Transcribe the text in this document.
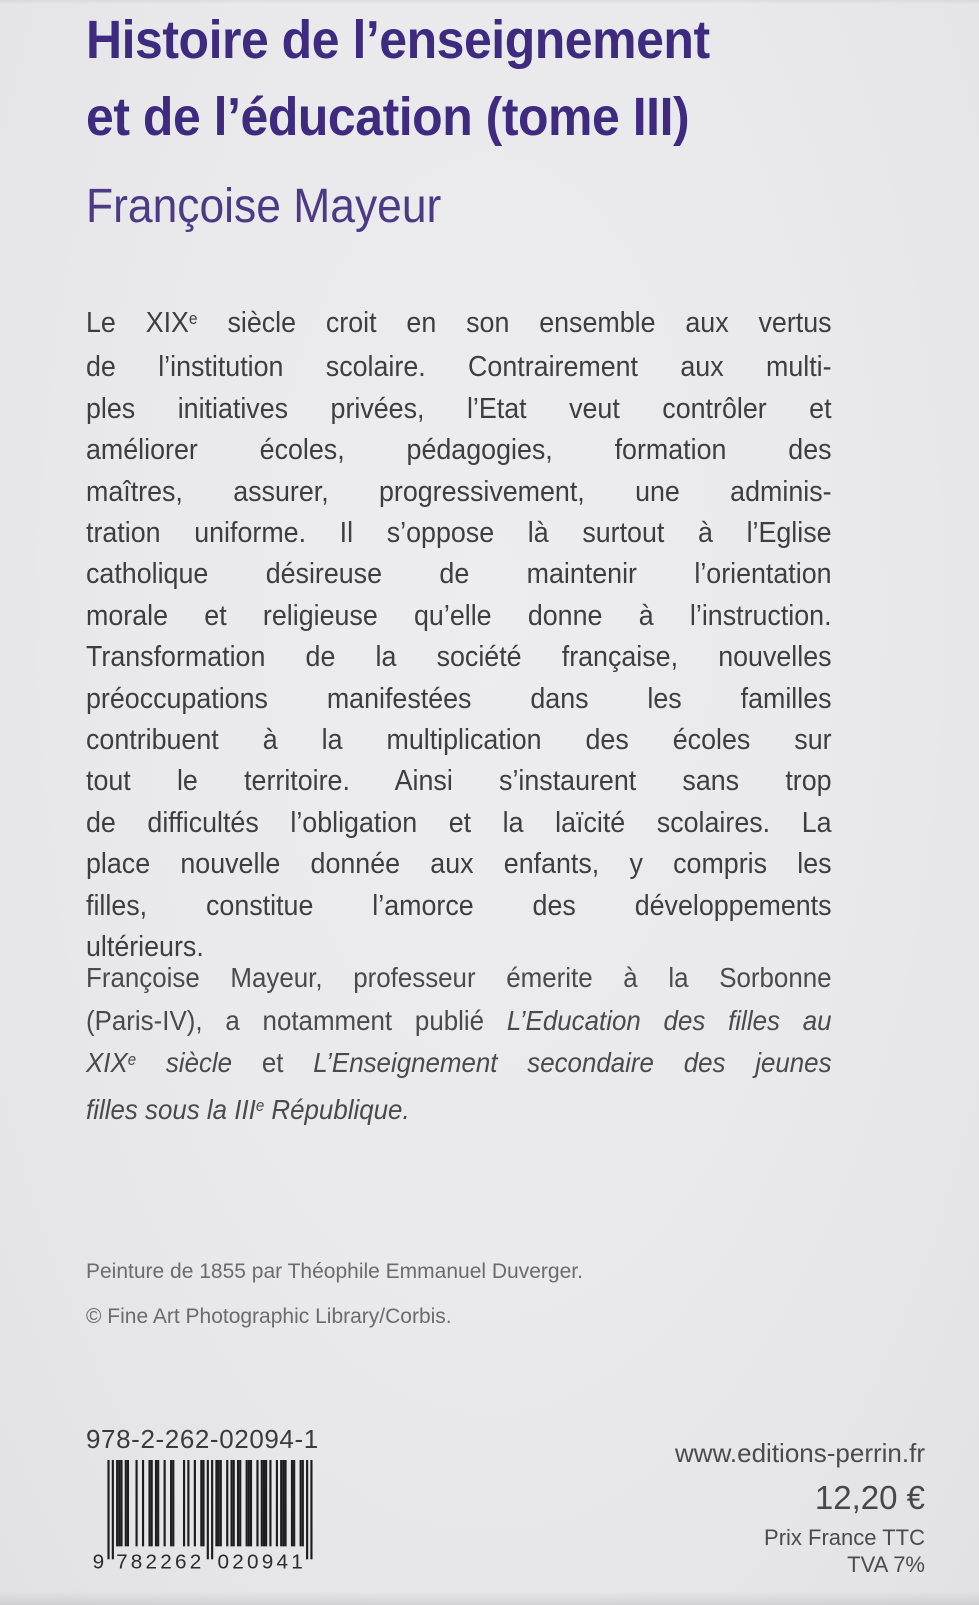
Histoire de l’enseignement
et de l’éducation (tome III)
Françoise Mayeur
Le XIXe siècle croit en son ensemble aux vertus
de l’institution scolaire. Contrairement aux multi-
ples initiatives privées, l’Etat veut contrôler et
améliorer écoles, pédagogies, formation des
maîtres, assurer, progressivement, une adminis-
tration uniforme. Il s’oppose là surtout à l’Eglise
catholique désireuse de maintenir l’orientation
morale et religieuse qu’elle donne à l’instruction.
Transformation de la société française, nouvelles
préoccupations manifestées dans les familles
contribuent à la multiplication des écoles sur
tout le territoire. Ainsi s’instaurent sans trop
de difficultés l’obligation et la laïcité scolaires. La
place nouvelle donnée aux enfants, y compris les
filles, constitue l’amorce des développements
ultérieurs.
Françoise Mayeur, professeur émerite à la Sorbonne
(Paris-IV), a notamment publié L’Education des filles au
XIXe siècle et L’Enseignement secondaire des jeunes
filles sous la IIIe République.
Peinture de 1855 par Théophile Emmanuel Duverger.
© Fine Art Photographic Library/Corbis.
978-2-262-02094-1
9 782262 020941
www.editions-perrin.fr
12,20 €
Prix France TTC
TVA 7%
